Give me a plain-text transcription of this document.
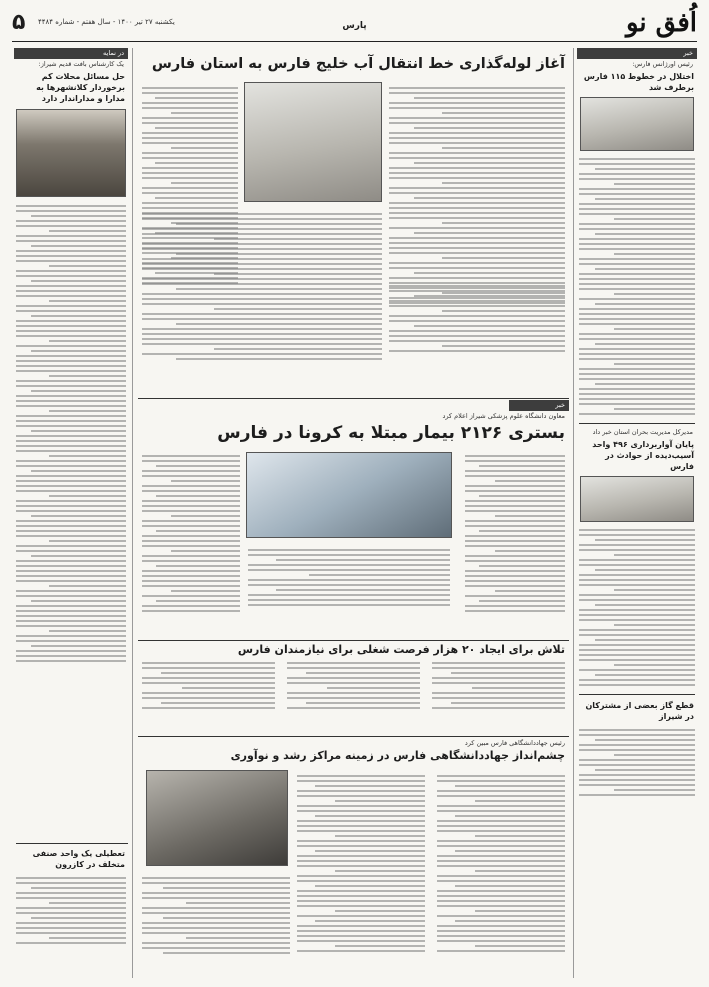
اُفق نو
پارس
۵ یکشنبه ۲۷ تیر ۱۴۰۰ - سال هفتم - شماره ۴۴۸۴
در نمایه
یک کارشناس بافت قدیم شیراز:
حل مسائل محلات کم برخوردار کلانشهرها به مدارا و مداراندار دارد
تعطیلی یک واحد صنفی متخلف در کازرون
خبر
رئیس اورژانس فارس:
اختلال در خطوط ۱۱۵ فارس برطرف شد
مدیرکل مدیریت بحران استان خبر داد
پایان آواربرداری ۴۹۶ واحد آسیب‌دیده از حوادث در فارس
قطع گاز بعضی از مشترکان در شیراز
آغاز لوله‌گذاری خط انتقال آب خلیج فارس به استان فارس
خبر
معاون دانشگاه علوم پزشکی شیراز اعلام کرد
بستری ۲۱۲۶ بیمار مبتلا به کرونا در فارس
تلاش برای ایجاد ۲۰ هزار فرصت شغلی برای نیازمندان فارس
رئیس جهاددانشگاهی فارس مبین کرد
چشم‌انداز جهاددانشگاهی فارس در زمینه مراکز رشد و نوآوری
